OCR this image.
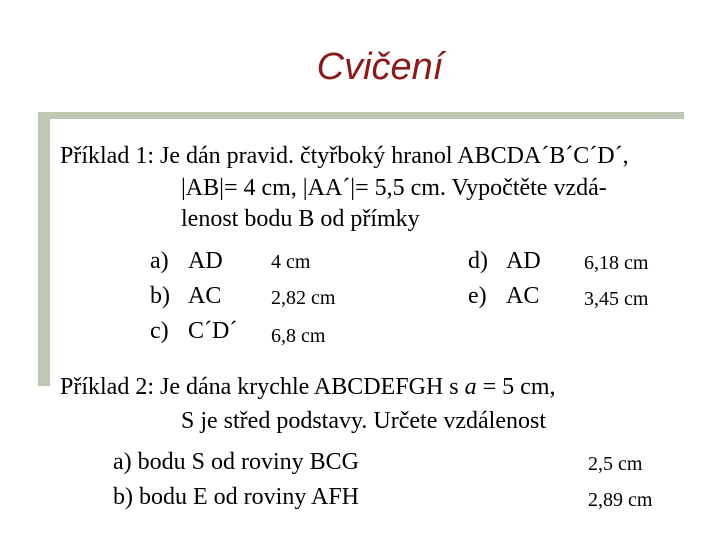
Cvičení
Příklad 1: Je dán pravid. čtyřboký hranol ABCDA´B´C´D´,
|AB|= 4 cm, |AA´|= 5,5 cm. Vypočtěte vzdá-
lenost bodu B od přímky
a) AD 4 cm
b) AC 2,82 cm
c) C´D´ 6,8 cm
d) AD 6,18 cm
e) AC 3,45 cm
Příklad 2: Je dána krychle ABCDEFGH s a = 5 cm,
S je střed podstavy. Určete vzdálenost
a) bodu S od roviny BCG	2,5 cm
b) bodu E od roviny AFH	2,89 cm
